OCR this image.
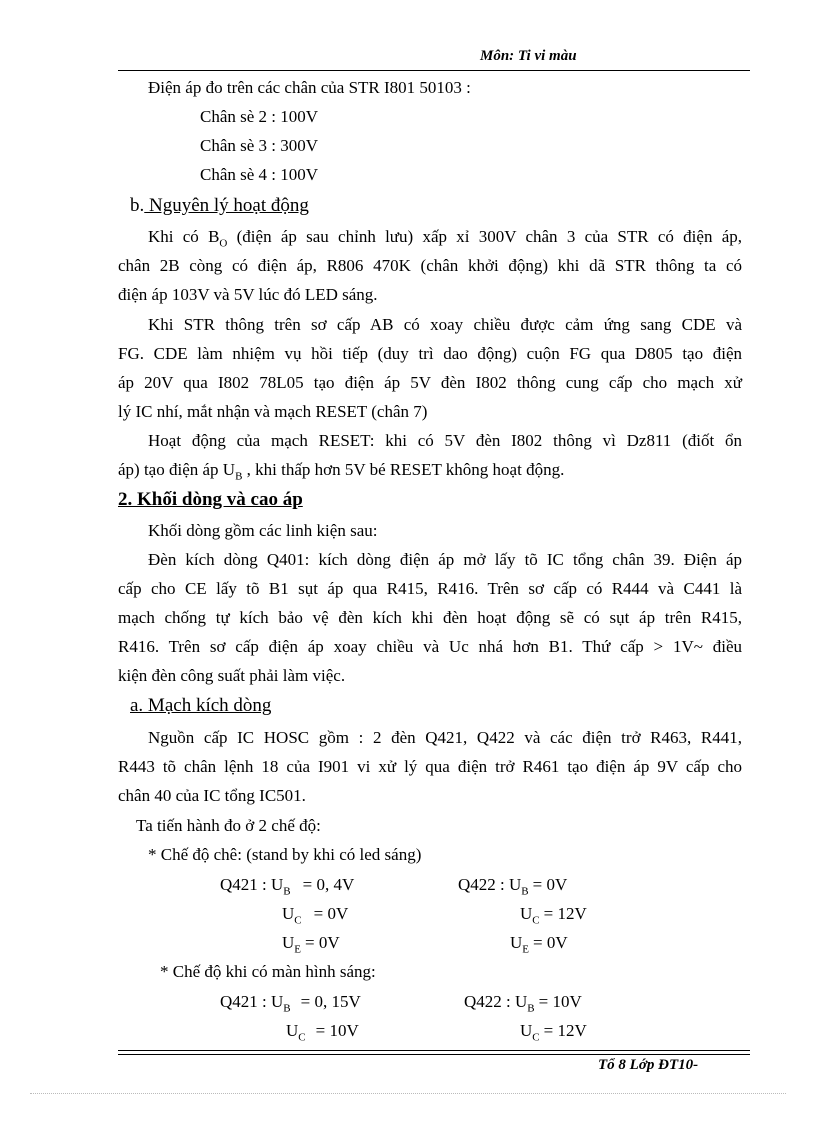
Môn: Ti vi màu
Điện áp đo trên các chân của STR I801 50103 :
Chân sè 2 : 100V
Chân sè 3 : 300V
Chân sè 4 : 100V
b. Nguyên lý hoạt động
Khi có $B_O$ (điện áp sau chỉnh lưu) xấp xỉ 300V chân 3 của STR có điện áp,
chân 2B còng có điện áp, R806 470K (chân khởi động) khi dã STR thông ta có
điện áp 103V và 5V lúc đó LED sáng.
Khi STR thông trên sơ cấp AB có xoay chiều được cảm ứng sang CDE và
FG. CDE làm nhiệm vụ hồi tiếp (duy trì dao động) cuộn FG qua D805 tạo điện
áp 20V qua I802 78L05 tạo điện áp 5V đèn I802 thông cung cấp cho mạch xử
lý IC nhí, mắt nhận và mạch RESET (chân 7)
Hoạt động của mạch RESET: khi có 5V đèn I802 thông vì Dz811 (điốt ổn
áp) tạo điện áp $U_B$ , khi thấp hơn 5V bé RESET không hoạt động.
2. Khối dòng và cao áp
Khối dòng gồm các linh kiện sau:
Đèn kích dòng Q401: kích dòng điện áp mở lấy tõ IC tổng chân 39. Điện áp
cấp cho CE lấy tõ B1 sụt áp qua R415, R416. Trên sơ cấp có R444 và C441 là
mạch chống tự kích bảo vệ đèn kích khi đèn hoạt động sẽ có sụt áp trên R415,
R416. Trên sơ cấp điện áp xoay chiều và Uc nhá hơn B1. Thứ cấp > 1V~ điều
kiện đèn công suất phải làm việc.
a. Mạch kích dòng
Nguồn cấp IC HOSC gồm : 2 đèn Q421, Q422 và các điện trở R463, R441,
R443 tõ chân lệnh 18 của I901 vi xử lý qua điện trở R461 tạo điện áp 9V cấp cho
chân 40 của IC tổng IC501.
Ta tiến hành đo ở 2 chế độ:
* Chế độ chê: (stand by khi có led sáng)
Q421 : $U_B = 0$, 4V	Q422 : $U_B = 0V$
$U_C = 0V$	$U_C = 12V$
$U_E = 0V$	$U_E = 0V$
* Chế độ khi có màn hình sáng:
Q421 : $U_B = 0$, 15V	Q422 : $U_B = 10V$
$U_C = 10V$	$U_C = 12V$
Tổ 8 Lớp ĐT10-
